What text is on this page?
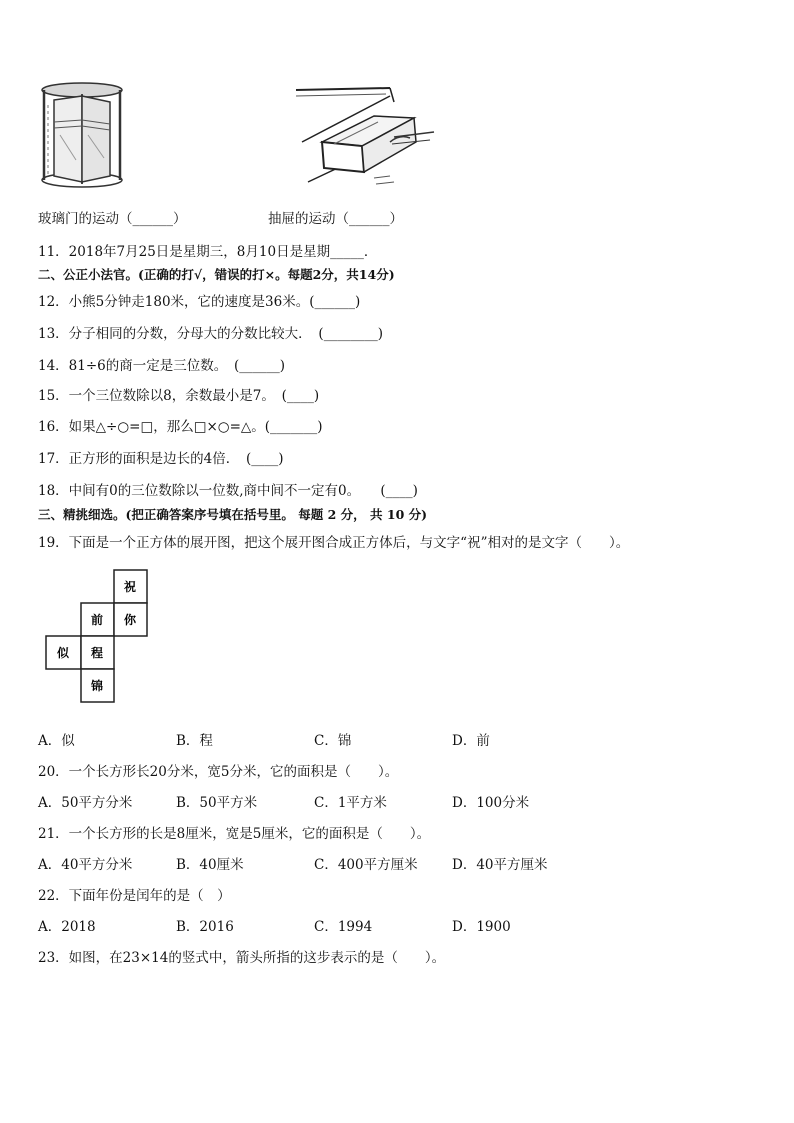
玻璃门的运动（______）	抽屉的运动（______）
11．2018年7月25日是星期三，8月10日是星期_____．
二、公正小法官。(正确的打√，错误的打×。每题2分，共14分)
12．小熊5分钟走180米，它的速度是36米。(______)
13．分子相同的分数，分母大的分数比较大．　(________)
14．81÷6的商一定是三位数。　(______)
15．一个三位数除以8，余数最小是7。　(____)
16．如果△÷○=□，那么□×○=△。(_______)
17．正方形的面积是边长的4倍．　(____)
18．中间有0的三位数除以一位数,商中间不一定有0。　　(____)
三、精挑细选。(把正确答案序号填在括号里。 每题 2 分， 共 10 分)
19．下面是一个正方体的展开图，把这个展开图合成正方体后，与文字“祝”相对的是文字（　　）。
祝
前 你
似 程
锦
A．似	B．程	C．锦	D．前
20．一个长方形长20分米，宽5分米，它的面积是（　　）。
A．50平方分米	B．50平方米	C．1平方米	D．100分米
21．一个长方形的长是8厘米，宽是5厘米，它的面积是（　　）。
A．40平方分米	B．40厘米	C．400平方厘米	D．40平方厘米
22．下面年份是闰年的是（　）
A．2018	B．2016	C．1994	D．1900
23．如图，在23×14的竖式中，箭头所指的这步表示的是（　　）。
